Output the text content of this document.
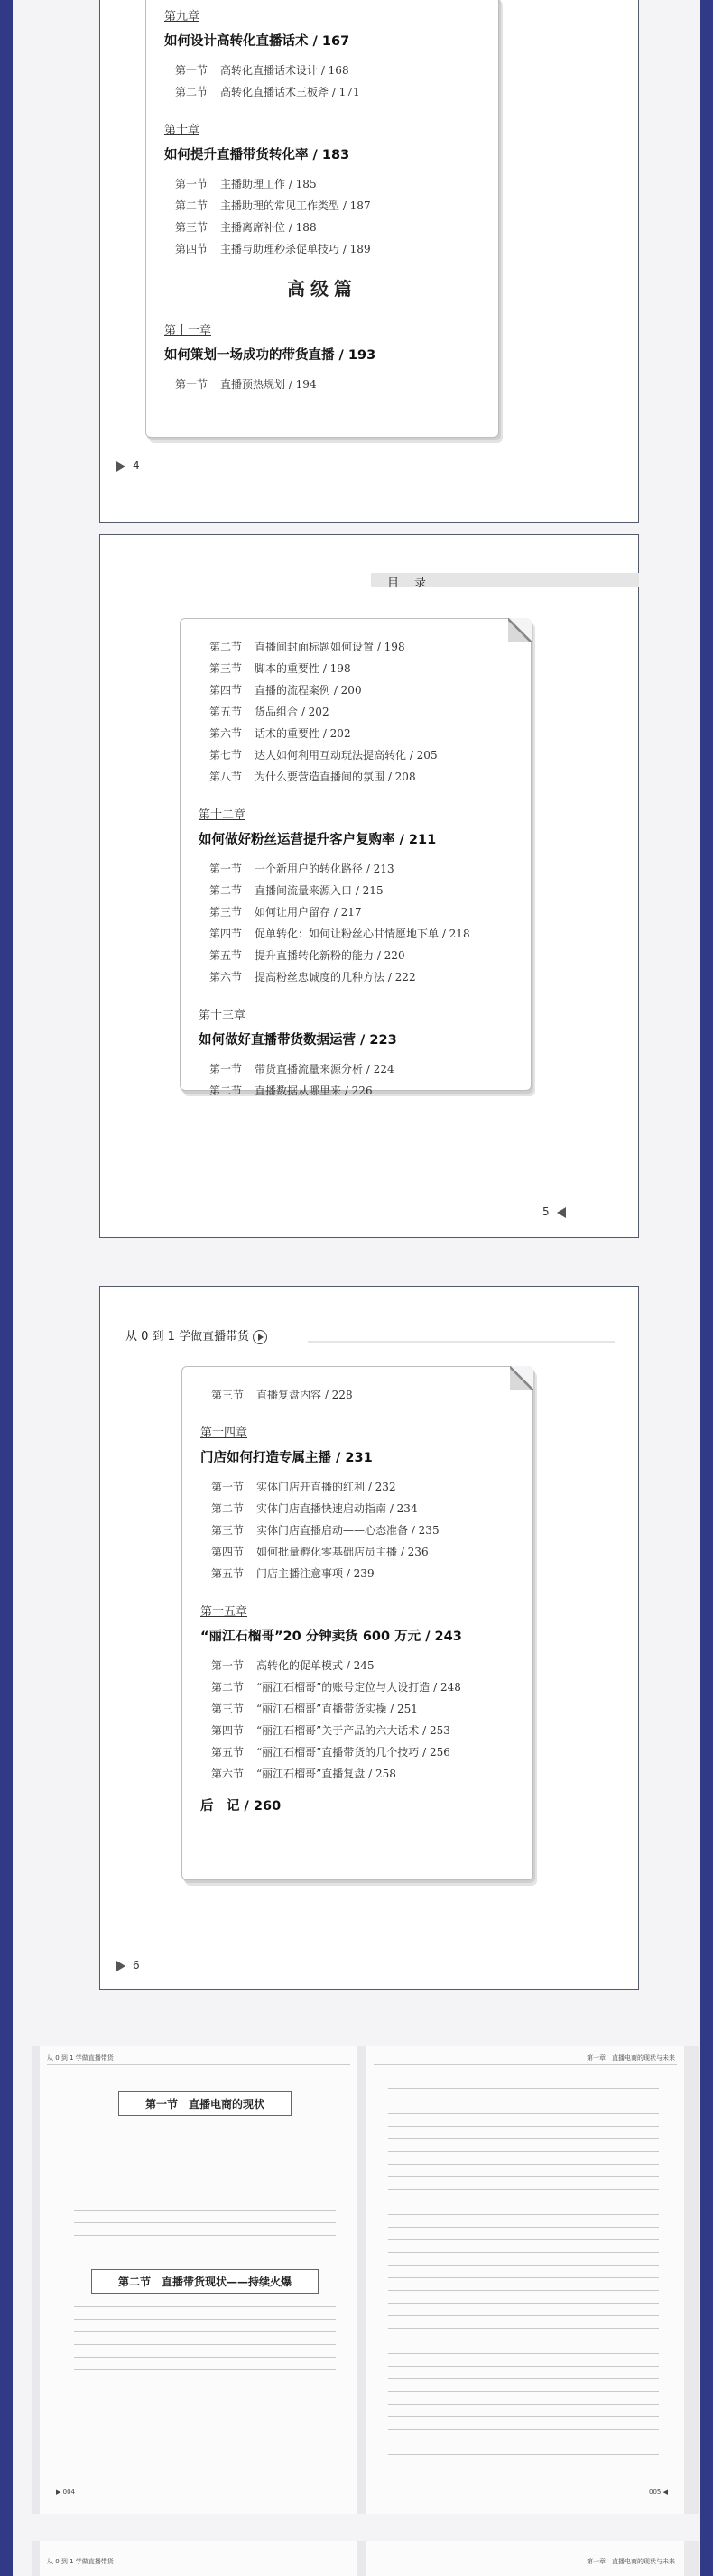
第九章
如何设计高转化直播话术 / 167
第一节 高转化直播话术设计 / 168
第二节 高转化直播话术三板斧 / 171
第十章
如何提升直播带货转化率 / 183
第一节 主播助理工作 / 185
第二节 主播助理的常见工作类型 / 187
第三节 主播离席补位 / 188
第四节 主播与助理秒杀促单技巧 / 189
高级篇
第十一章
如何策划一场成功的带货直播 / 193
第一节 直播预热规划 / 194
4
目　录
第二节 直播间封面标题如何设置 / 198
第三节 脚本的重要性 / 198
第四节 直播的流程案例 / 200
第五节 货品组合 / 202
第六节 话术的重要性 / 202
第七节 达人如何利用互动玩法提高转化 / 205
第八节 为什么要营造直播间的氛围 / 208
第十二章
如何做好粉丝运营提升客户复购率 / 211
第一节 一个新用户的转化路径 / 213
第二节 直播间流量来源入口 / 215
第三节 如何让用户留存 / 217
第四节 促单转化：如何让粉丝心甘情愿地下单 / 218
第五节 提升直播转化新粉的能力 / 220
第六节 提高粉丝忠诚度的几种方法 / 222
第十三章
如何做好直播带货数据运营 / 223
第一节 带货直播流量来源分析 / 224
第二节 直播数据从哪里来 / 226
5
从 0 到 1 学做直播带货
第三节 直播复盘内容 / 228
第十四章
门店如何打造专属主播 / 231
第一节 实体门店开直播的红利 / 232
第二节 实体门店直播快速启动指南 / 234
第三节 实体门店直播启动——心态准备 / 235
第四节 如何批量孵化零基础店员主播 / 236
第五节 门店主播注意事项 / 239
第十五章
“丽江石榴哥”20 分钟卖货 600 万元 / 243
第一节 高转化的促单模式 / 245
第二节 “丽江石榴哥”的账号定位与人设打造 / 248
第三节 “丽江石榴哥”直播带货实操 / 251
第四节 “丽江石榴哥”关于产品的六大话术 / 253
第五节 “丽江石榴哥”直播带货的几个技巧 / 256
第六节 “丽江石榴哥”直播复盘 / 258
后　记 / 260
6
从 0 到 1 学做直播带货
第一节　直播电商的现状

第二节　直播带货现状——持续火爆
▶ 004
第一章　直播电商的现状与未来
005 ◀
从 0 到 1 学做直播带货	第一章　直播电商的现状与未来
